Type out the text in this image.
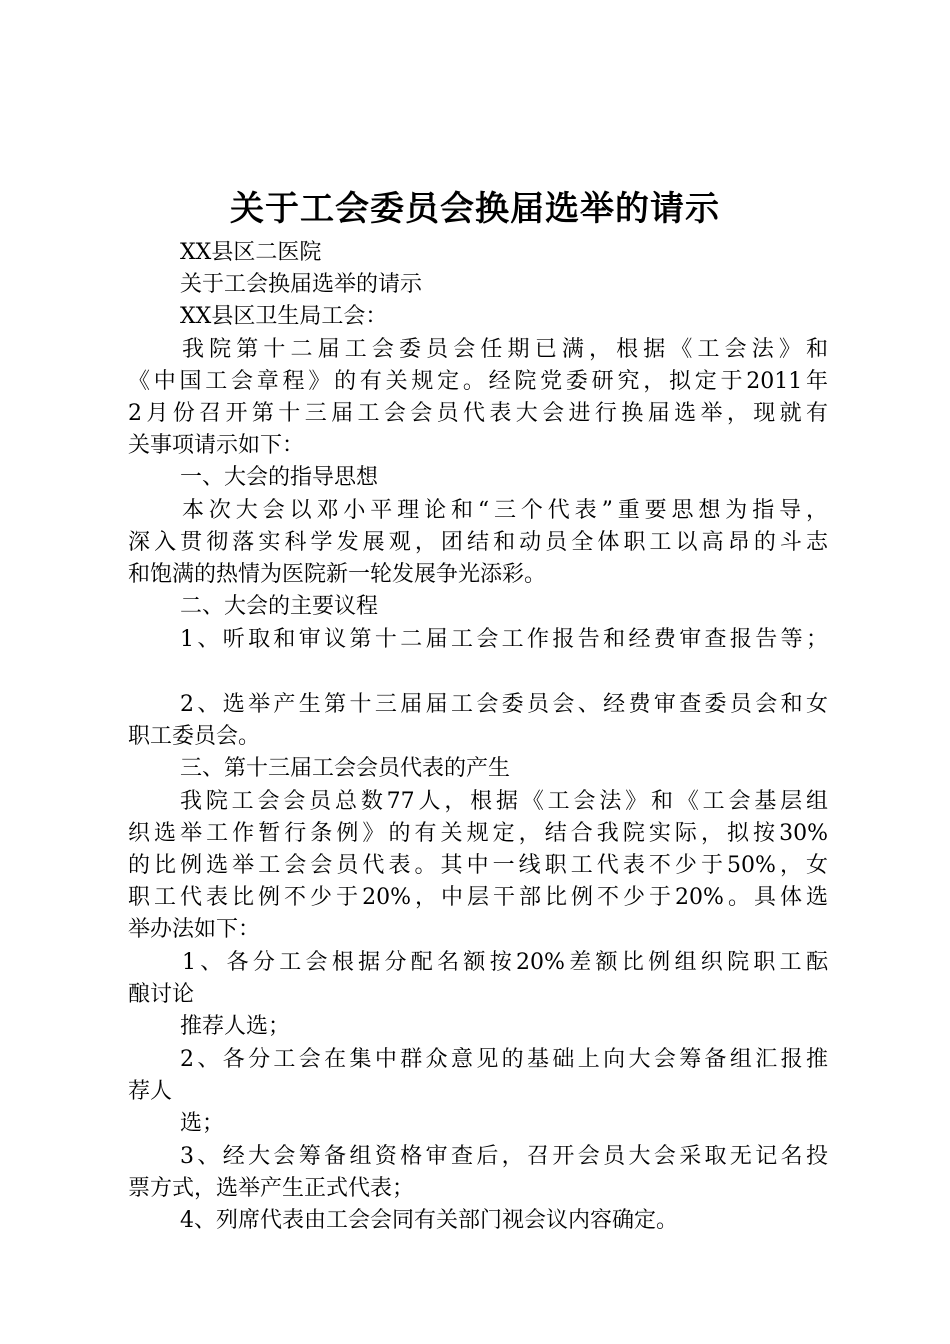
关于工会委员会换届选举的请示
XX县区二医院
关于工会换届选举的请示
XX县区卫生局工会：
我院第十二届工会委员会任期已满，根据《工会法》和
《中国工会章程》的有关规定。经院党委研究，拟定于2011年
2月份召开第十三届工会会员代表大会进行换届选举，现就有
关事项请示如下：
一、大会的指导思想
本次大会以邓小平理论和“三个代表”重要思想为指导，
深入贯彻落实科学发展观，团结和动员全体职工以高昂的斗志
和饱满的热情为医院新一轮发展争光添彩。
二、大会的主要议程
1、听取和审议第十二届工会工作报告和经费审查报告等；
2、选举产生第十三届届工会委员会、经费审查委员会和女
职工委员会。
三、第十三届工会会员代表的产生
我院工会会员总数77人，根据《工会法》和《工会基层组
织选举工作暂行条例》的有关规定，结合我院实际，拟按30%
的比例选举工会会员代表。其中一线职工代表不少于50%，女
职工代表比例不少于20%，中层干部比例不少于20%。具体选
举办法如下：
1、各分工会根据分配名额按20%差额比例组织院职工酝
酿讨论
推荐人选；
2、各分工会在集中群众意见的基础上向大会筹备组汇报推
荐人
选；
3、经大会筹备组资格审查后，召开会员大会采取无记名投
票方式，选举产生正式代表；
4、列席代表由工会会同有关部门视会议内容确定。
